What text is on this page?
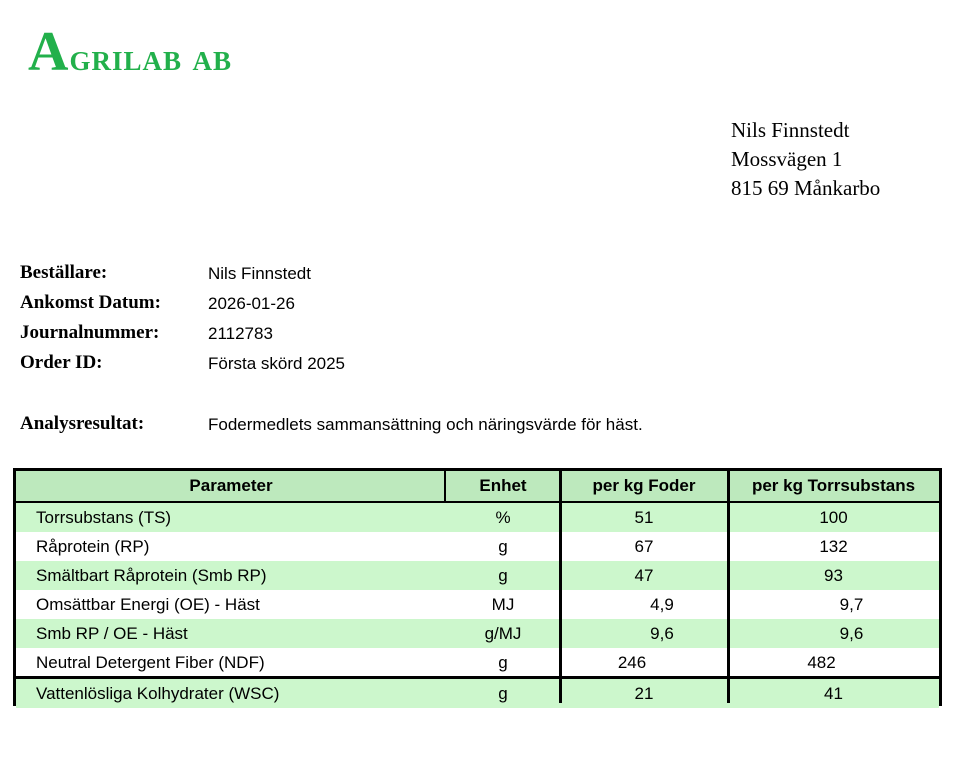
Agrilab ab
Nils Finnstedt
Mossvägen 1
815 69 Månkarbo
Beställare:	Nils Finnstedt
Ankomst Datum:	2026-01-26
Journalnummer:	2112783
Order ID:	Första skörd 2025
Analysresultat:	Fodermedlets sammansättning och näringsvärde för häst.
Parameter	Enhet	per kg Foder	per kg Torrsubstans
Torrsubstans (TS)	%	51	100
Råprotein (RP)	g	67	132
Smältbart Råprotein (Smb RP)	g	47	93
Omsättbar Energi (OE) - Häst	MJ	4,9	9,7
Smb RP / OE - Häst	g/MJ	9,6	9,6
Neutral Detergent Fiber (NDF)	g	246	482
Vattenlösliga Kolhydrater (WSC)	g	21	41
